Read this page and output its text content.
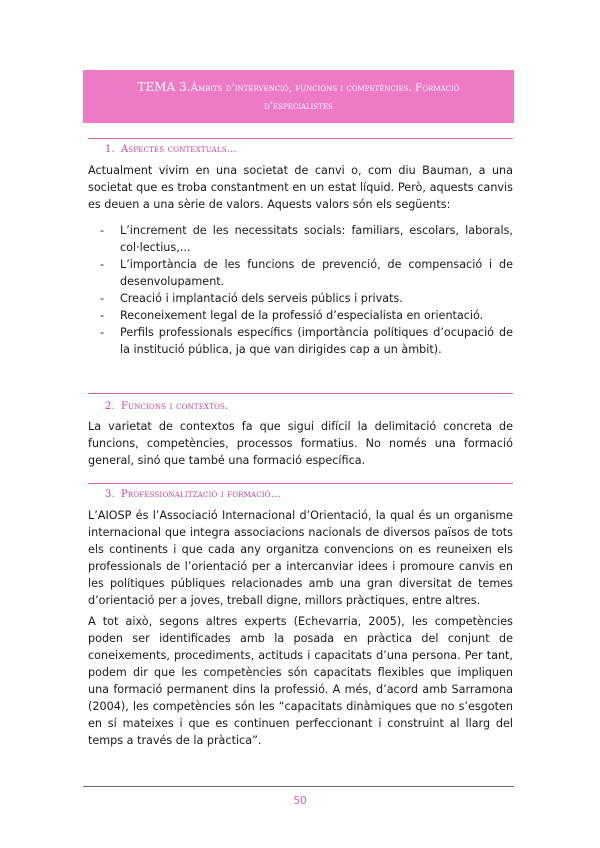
TEMA 3.Àmbits d’intervenció, funcions i competències. Formació
d’especialistes
1. Aspectes contextuals…

Actualment vivim en una societat de canvi o, com diu Bauman, a una societat que es troba constantment en un estat líquid. Però, aquests canvis es deuen a una sèrie de valors. Aquests valors són els següents:

- L’increment de les necessitats socials: familiars, escolars, laborals, col·lectius,...
- L’importància de les funcions de prevenció, de compensació i de desenvolupament.
- Creació i implantació dels serveis públics i privats.
- Reconeixement legal de la professió d’especialista en orientació.
- Perfils professionals específics (importància polítiques d’ocupació de la institució pública, ja que van dirigides cap a un àmbit).
2. Funcions i contextos.

La varietat de contextos fa que sigui difícil la delimitació concreta de funcions, competències, processos formatius. No només una formació general, sinó que també una formació específica.

3. Professionalització i formació…

L’AIOSP és l’Associació Internacional d’Orientació, la qual és un organisme internacional que integra associacions nacionals de diversos països de tots els continents i que cada any organitza convencions on es reuneixen els professionals de l’orientació per a intercanviar idees i promoure canvis en les polítiques públiques relacionades amb una gran diversitat de temes d’orientació per a joves, treball digne, millors pràctiques, entre altres.

A tot això, segons altres experts (Echevarria, 2005), les competències poden ser identificades amb la posada en pràctica del conjunt de coneixements, procediments, actituds i capacitats d’una persona. Per tant, podem dir que les competències són capacitats flexibles que impliquen una formació permanent dins la professió. A més, d’acord amb Sarramona (2004), les competències són les “capacitats dinàmiques que no s’esgoten en sí mateixes i que es continuen perfeccionant i construint al llarg del temps a través de la pràctica”.

50
